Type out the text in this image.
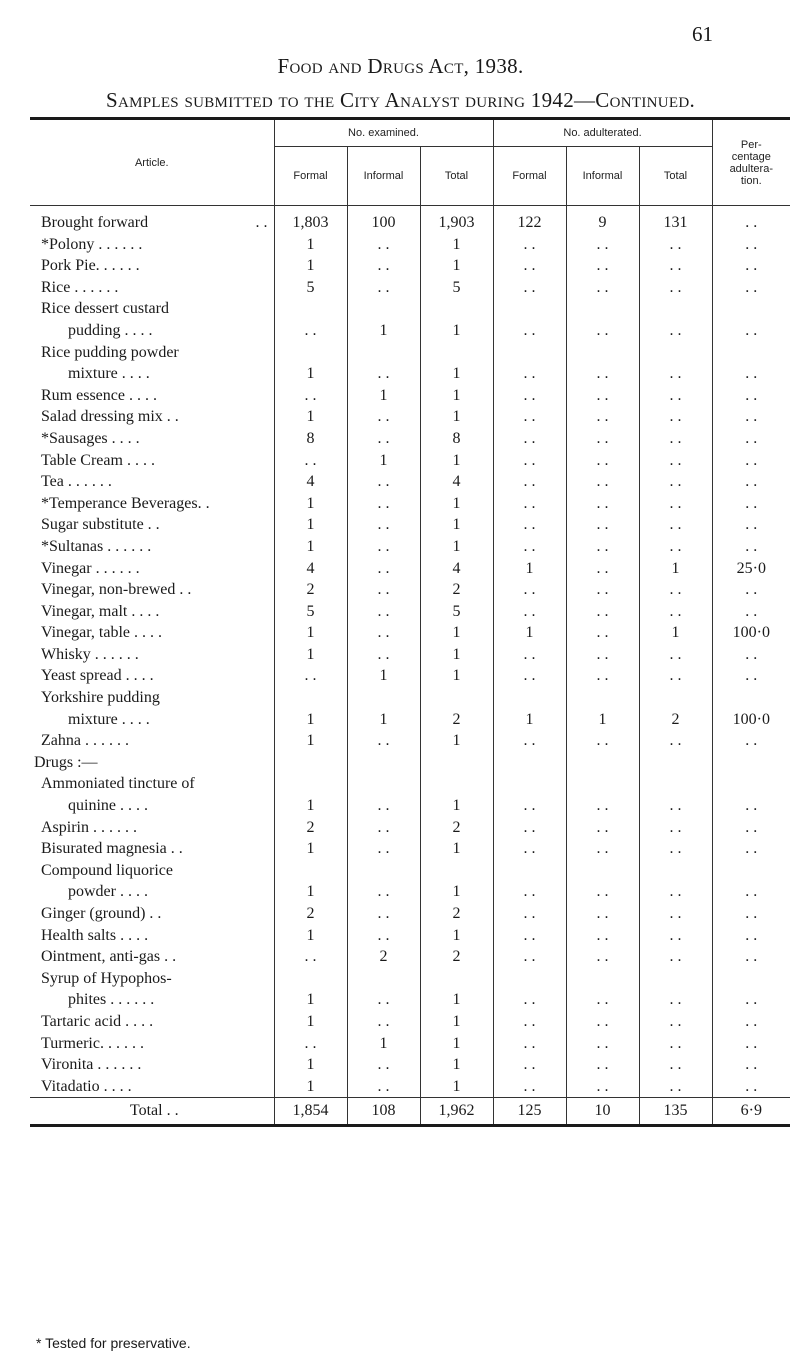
61
Food and Drugs Act, 1938.
Samples submitted to the City Analyst during 1942—Continued.
Article.	No. examined.			No. adulterated.			Per-
centage
adultera-
tion.
	Formal	Informal	Total	Formal	Informal	Total	
Brought forward . .	1,803	100	1,903	122	9	131	. .
*Polony . . . . . .	1	. .	1	. .	. .	. .	. .
Pork Pie. . . . . .	1	. .	1	. .	. .	. .	. .
Rice . . . . . .	5	. .	5	. .	. .	. .	. .
Rice dessert custard							
pudding . . . .	. .	1	1	. .	. .	. .	. .
Rice pudding powder							
mixture . . . .	1	. .	1	. .	. .	. .	. .
Rum essence . . . .	. .	1	1	. .	. .	. .	. .
Salad dressing mix . .	1	. .	1	. .	. .	. .	. .
*Sausages . . . .	8	. .	8	. .	. .	. .	. .
Table Cream . . . .	. .	1	1	. .	. .	. .	. .
Tea . . . . . .	4	. .	4	. .	. .	. .	. .
*Temperance Beverages. .	1	. .	1	. .	. .	. .	. .
Sugar substitute . .	1	. .	1	. .	. .	. .	. .
*Sultanas . . . . . .	1	. .	1	. .	. .	. .	. .
Vinegar . . . . . .	4	. .	4	1	. .	1	25·0
Vinegar, non-brewed . .	2	. .	2	. .	. .	. .	. .
Vinegar, malt . . . .	5	. .	5	. .	. .	. .	. .
Vinegar, table . . . .	1	. .	1	1	. .	1	100·0
Whisky . . . . . .	1	. .	1	. .	. .	. .	. .
Yeast spread . . . .	. .	1	1	. .	. .	. .	. .
Yorkshire pudding							
mixture . . . .	1	1	2	1	1	2	100·0
Zahna . . . . . .	1	. .	1	. .	. .	. .	. .
Drugs :—							
Ammoniated tincture of							
quinine . . . .	1	. .	1	. .	. .	. .	. .
Aspirin . . . . . .	2	. .	2	. .	. .	. .	. .
Bisurated magnesia . .	1	. .	1	. .	. .	. .	. .
Compound liquorice							
powder . . . .	1	. .	1	. .	. .	. .	. .
Ginger (ground) . .	2	. .	2	. .	. .	. .	. .
Health salts . . . .	1	. .	1	. .	. .	. .	. .
Ointment, anti-gas . .	. .	2	2	. .	. .	. .	. .
Syrup of Hypophos-							
phites . . . . . .	1	. .	1	. .	. .	. .	. .
Tartaric acid . . . .	1	. .	1	. .	. .	. .	. .
Turmeric. . . . . .	. .	1	1	. .	. .	. .	. .
Vironita . . . . . .	1	. .	1	. .	. .	. .	. .
Vitadatio . . . .	1	. .	1	. .	. .	. .	. .
Total . .	1,854	108	1,962	125	10	135	6·9
* Tested for preservative.
